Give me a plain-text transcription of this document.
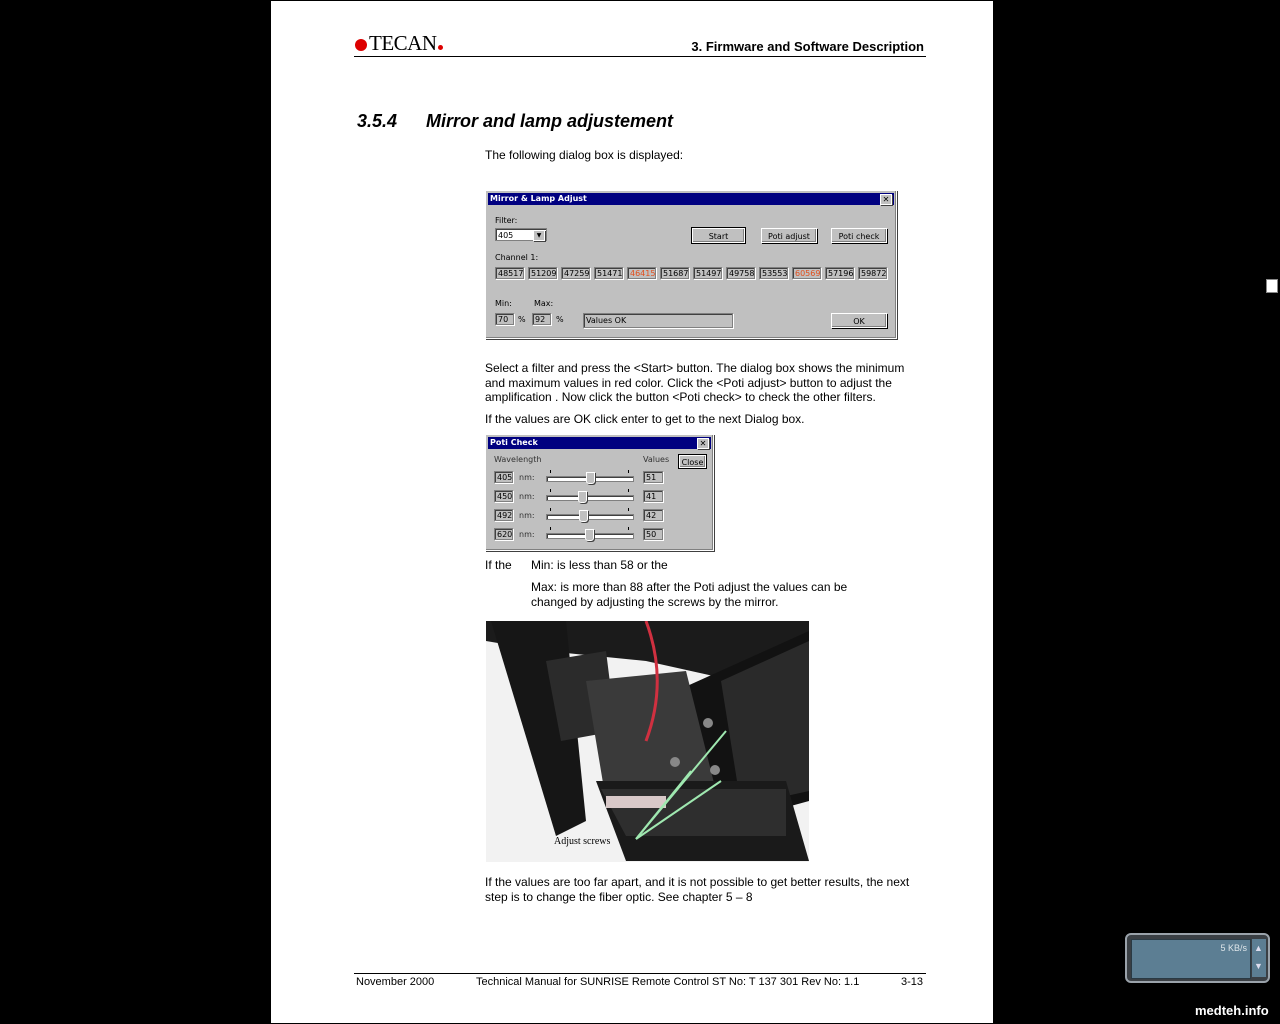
TECAN	3. Firmware and Software Description
3.5.4 Mirror and lamp adjustement
The following dialog box is displayed:
Mirror & Lamp Adjust	✕
Filter:
405	▼	Start	Poti adjust	Poti check
Channel 1:
48517 51209 47259 51471 46415 51687 51497 49758 53553 60569 57196 59872
Min:	Max:
70	%	92	%	Values OK	OK
Select a filter and press the <Start> button. The dialog box shows the minimum
and maximum values in red color. Click the <Poti adjust> button to adjust the
amplification . Now click the button <Poti check> to check the other filters.
If the values are OK click enter to get to the next Dialog box.
Poti Check	✕
Wavelength	Values	Close
405 nm:	51
450 nm:	41
492 nm:	42
620 nm:	50
If the Min: is less than 58 or the
Max: is more than 88 after the Poti adjust the values can be
changed by adjusting the screws by the mirror.
Adjust screws
If the values are too far apart, and it is not possible to get better results, the next
step is to change the fiber optic. See chapter 5 – 8
November 2000	Technical Manual for SUNRISE Remote Control ST No: T 137 301 Rev No: 1.1	3-13
5 KB/s ▲
▼
medteh.info
